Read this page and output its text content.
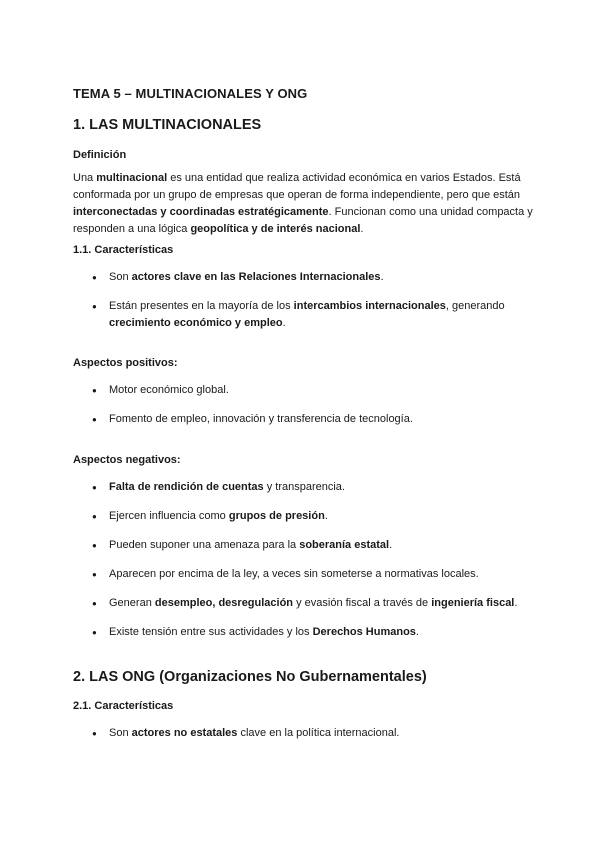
TEMA 5 – MULTINACIONALES Y ONG
1. LAS MULTINACIONALES
Definición
Una multinacional es una entidad que realiza actividad económica en varios Estados. Está conformada por un grupo de empresas que operan de forma independiente, pero que están interconectadas y coordinadas estratégicamente. Funcionan como una unidad compacta y responden a una lógica geopolítica y de interés nacional.
1.1. Características
● Son actores clave en las Relaciones Internacionales.
● Están presentes en la mayoría de los intercambios internacionales, generando crecimiento económico y empleo.
Aspectos positivos:
● Motor económico global.
● Fomento de empleo, innovación y transferencia de tecnología.
Aspectos negativos:
● Falta de rendición de cuentas y transparencia.
● Ejercen influencia como grupos de presión.
● Pueden suponer una amenaza para la soberanía estatal.
● Aparecen por encima de la ley, a veces sin someterse a normativas locales.
● Generan desempleo, desregulación y evasión fiscal a través de ingeniería fiscal.
● Existe tensión entre sus actividades y los Derechos Humanos.
2. LAS ONG (Organizaciones No Gubernamentales)
2.1. Características
● Son actores no estatales clave en la política internacional.
